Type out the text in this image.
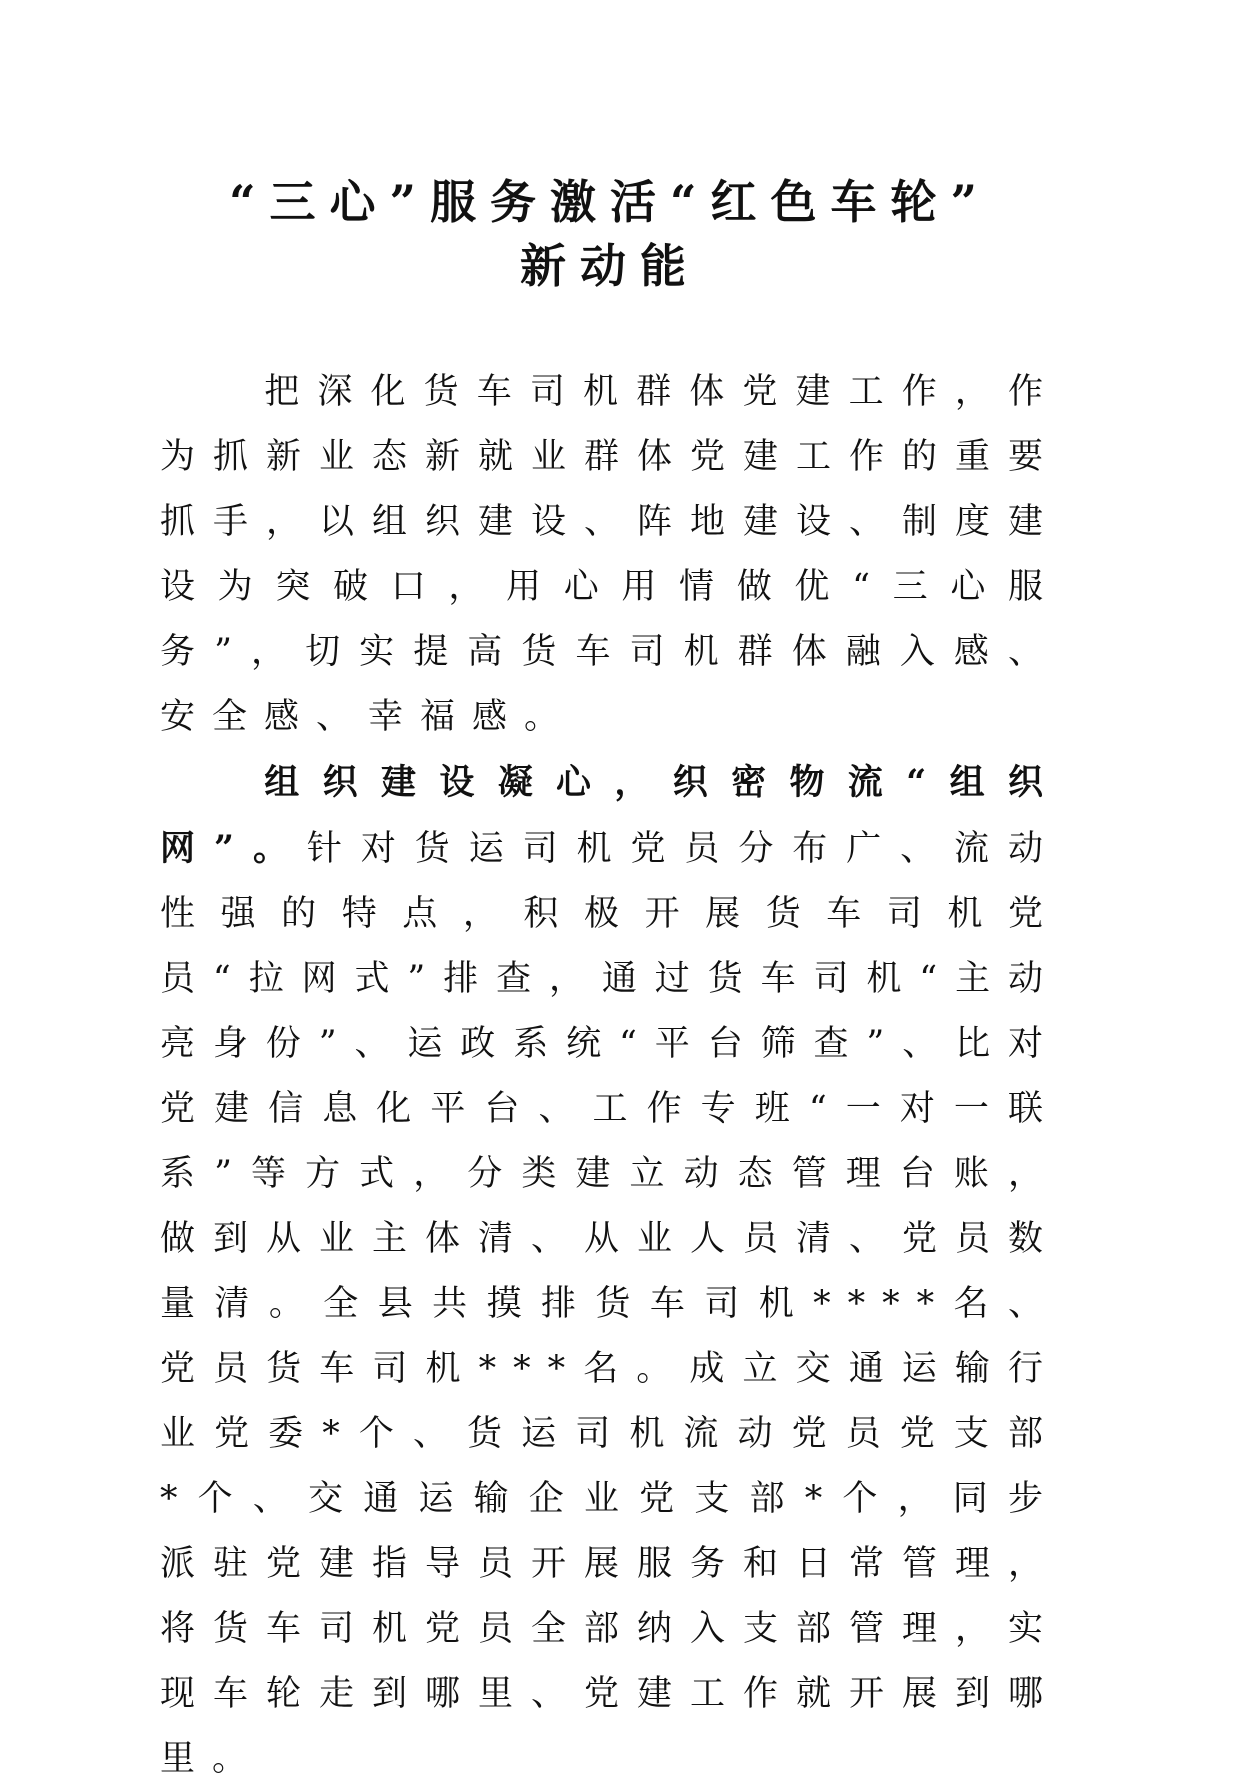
“三心”服务激活“红色车轮”
新动能

把深化货车司机群体党建工作，作为抓新业态新就业群体党建工作的重要抓手，以组织建设、阵地建设、制度建设为突破口，用心用情做优“三心服务”，切实提高货车司机群体融入感、安全感、幸福感。

组织建设凝心，织密物流“组织网”。针对货运司机党员分布广、流动性强的特点，积极开展货车司机党员“拉网式”排查，通过货车司机“主动亮身份”、运政系统“平台筛查”、比对党建信息化平台、工作专班“一对一联系”等方式，分类建立动态管理台账，做到从业主体清、从业人员清、党员数量清。全县共摸排货车司机****名、党员货车司机***名。成立交通运输行业党委*个、货运司机流动党员党支部*个、交通运输企业党支部*个，同步派驻党建指导员开展服务和日常管理，将货车司机党员全部纳入支部管理，实现车轮走到哪里、党建工作就开展到哪里。
